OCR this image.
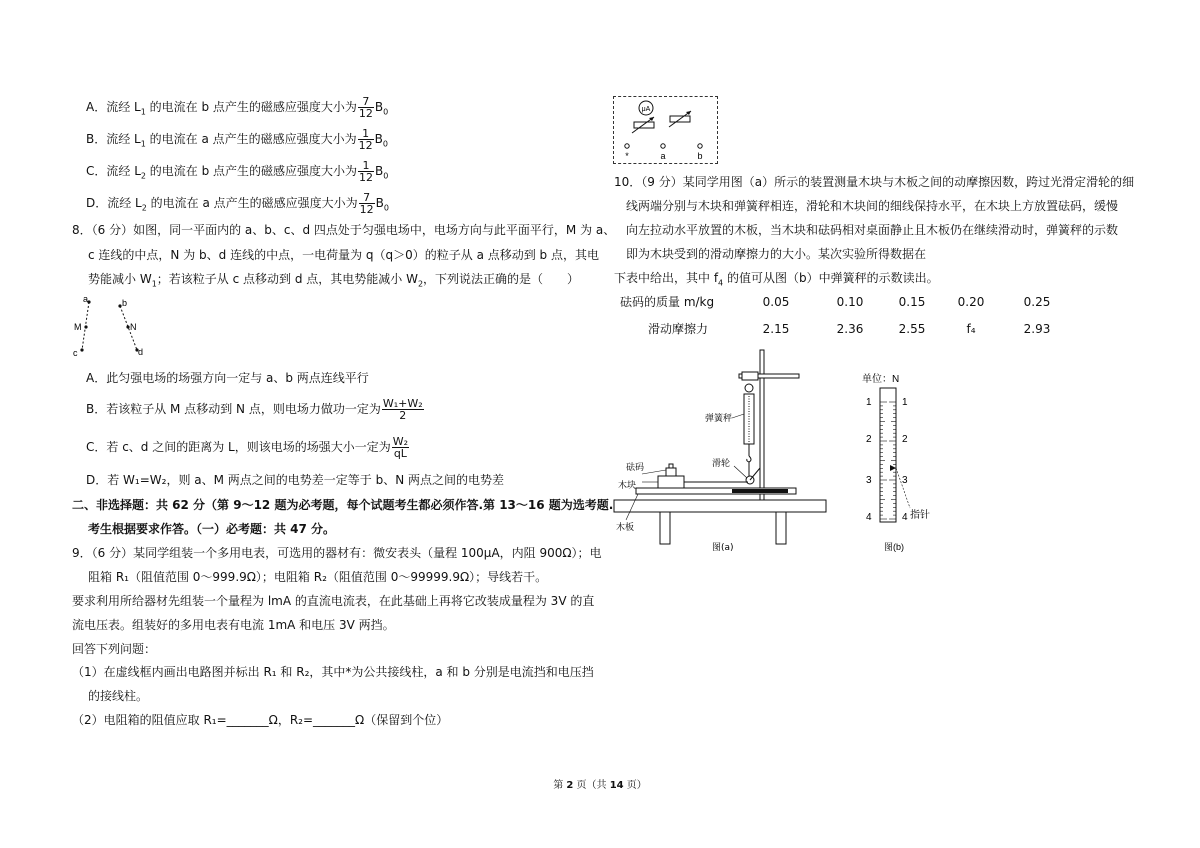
A．流经 $L_1$ 的电流在 b 点产生的磁感应强度大小为 $\frac{7}{12} B_0$
B．流经 $L_1$ 的电流在 a 点产生的磁感应强度大小为 $\frac{1}{12} B_0$
C．流经 $L_2$ 的电流在 b 点产生的磁感应强度大小为 $\frac{1}{12} B_0$
D．流经 $L_2$ 的电流在 a 点产生的磁感应强度大小为 $\frac{7}{12} B_0$
8．（6 分）如图，同一平面内的 a、b、c、d 四点处于匀强电场中，电场方向与此平面平行，M 为 a、
c 连线的中点，N 为 b、d 连线的中点，一电荷量为 q（q＞0）的粒子从 a 点移动到 b 点，其电
势能减小 $W_1$；若该粒子从 c 点移动到 d 点，其电势能减小 $W_2$，下列说法正确的是（　　）
a	b
M	N
c	d
A．此匀强电场的场强方向一定与 a、b 两点连线平行
B．若该粒子从 M 点移动到 N 点，则电场力做功一定为 $\frac{\text{W₁+W₂}}{2}$
C．若 c、d 之间的距离为 L，则该电场的场强大小一定为 $\frac{\text{W₂}}{qL}$
D．若 W₁=W₂，则 a、M 两点之间的电势差一定等于 b、N 两点之间的电势差
二、非选择题：共 62 分（第 9～12 题为必考题，每个试题考生都必须作答.第 13～16 题为选考题.
考生根据要求作答。（一）必考题：共 47 分。
9．（6 分）某同学组装一个多用电表，可选用的器材有：微安表头（量程 100μA，内阻 900Ω）；电
阻箱 R₁（阻值范围 0～999.9Ω）；电阻箱 R₂（阻值范围 0～99999.9Ω）；导线若干。
要求利用所给器材先组装一个量程为 lmA 的直流电流表，在此基础上再将它改装成量程为 3V 的直
流电压表。组装好的多用电表有电流 1mA 和电压 3V 两挡。
回答下列问题：
（1）在虚线框内画出电路图并标出 R₁ 和 R₂，其中*为公共接线柱，a 和 b 分别是电流挡和电压挡
的接线柱。
（2）电阻箱的阻值应取 R₁=_______Ω，R₂=_______Ω（保留到个位）
μA
*	a	b
10．（9 分）某同学用图（a）所示的装置测量木块与木板之间的动摩擦因数，跨过光滑定滑轮的细
线两端分别与木块和弹簧秤相连，滑轮和木块间的细线保持水平，在木块上方放置砝码，缓慢
向左拉动水平放置的木板，当木块和砝码相对桌面静止且木板仍在继续滑动时，弹簧秤的示数
即为木块受到的滑动摩擦力的大小。某次实验所得数据在
下表中给出，其中 $f_4$ 的值可从图（b）中弹簧秤的示数读出。
砝码的质量 m/kg	0.05	0.10	0.15	0.20	0.25
滑动摩擦力	2.15	2.36	2.55	f₄	2.93
弹簧秤
砝码
木块
滑轮
木板
图(a)
单位：N
1
2
3
4
1
2
3
4 指针
图(b)
第 2 页（共 14 页）
